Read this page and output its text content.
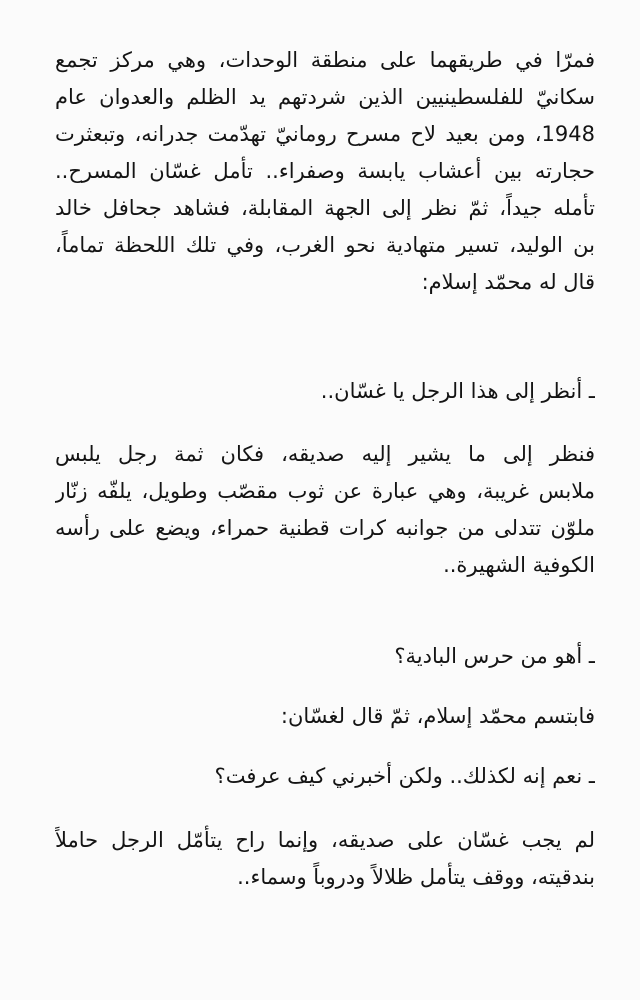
فمرّا في طريقهما على منطقة الوحدات، وهي مركز تجمع
سكانيّ للفلسطينيين الذين شردتهم يد الظلم والعدوان عام
1948، ومن بعيد لاح مسرح رومانيّ تهدّمت جدرانه، وتبعثرت
حجارته بين أعشاب يابسة وصفراء.. تأمل غسّان المسرح..
تأمله جيداً، ثمّ نظر إلى الجهة المقابلة، فشاهد جحافل خالد
بن الوليد، تسير متهادية نحو الغرب، وفي تلك اللحظة تماماً،
قال له محمّد إسلام:
ـ أنظر إلى هذا الرجل يا غسّان..
فنظر إلى ما يشير إليه صديقه، فكان ثمة رجل يلبس
ملابس غريبة، وهي عبارة عن ثوب مقصّب وطويل، يلفّه زنّار
ملوّن تتدلى من جوانبه كرات قطنية حمراء، ويضع على رأسه
الكوفية الشهيرة..
ـ أهو من حرس البادية؟
فابتسم محمّد إسلام، ثمّ قال لغسّان:
ـ نعم إنه لكذلك.. ولكن أخبرني كيف عرفت؟
لم يجب غسّان على صديقه، وإنما راح يتأمّل الرجل حاملاً
بندقيته، ووقف يتأمل ظلالاً ودروباً وسماء..
